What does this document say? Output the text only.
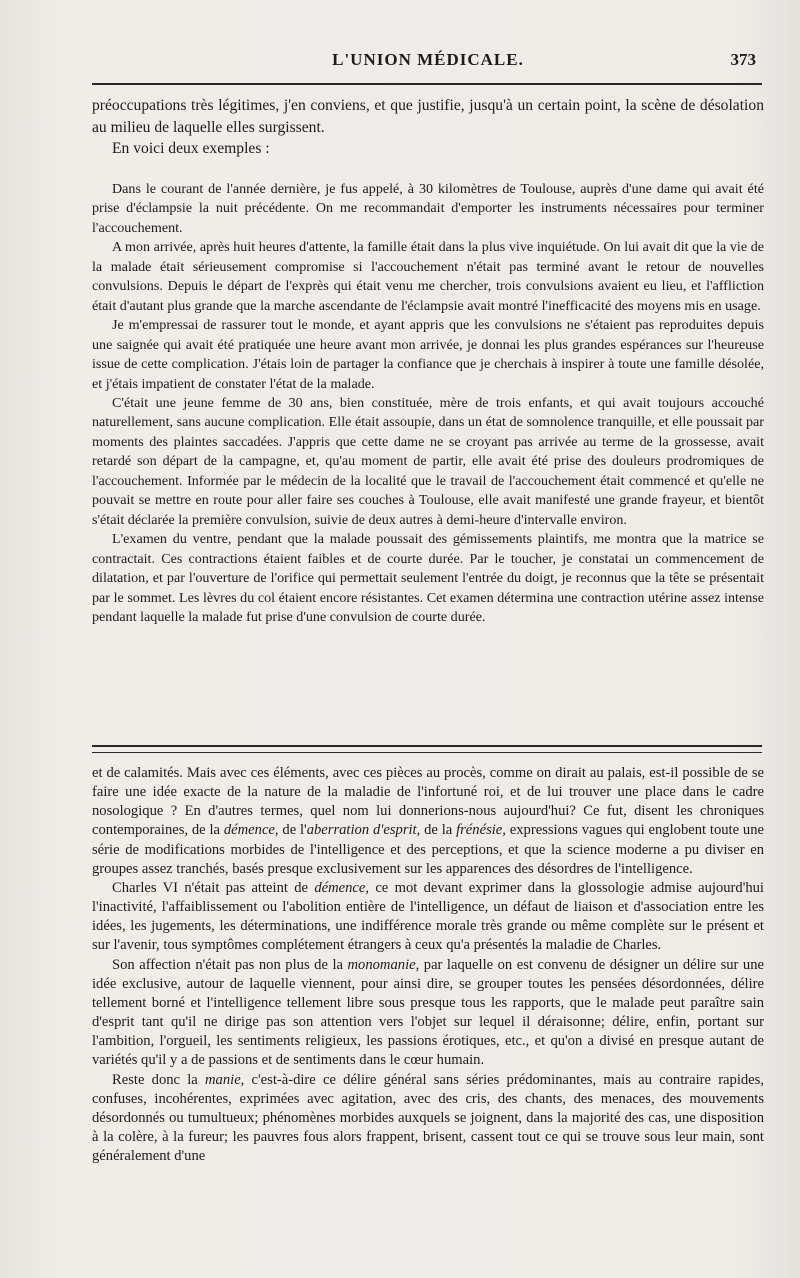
L'UNION MÉDICALE.	373

préoccupations très légitimes, j'en conviens, et que justifie, jusqu'à un certain point, la scène de désolation au milieu de laquelle elles surgissent.

En voici deux exemples :

Dans le courant de l'année dernière, je fus appelé, à 30 kilomètres de Toulouse, auprès d'une dame qui avait été prise d'éclampsie la nuit précédente. On me recommandait d'emporter les instruments nécessaires pour terminer l'accouchement.

A mon arrivée, après huit heures d'attente, la famille était dans la plus vive inquiétude. On lui avait dit que la vie de la malade était sérieusement compromise si l'accouchement n'était pas terminé avant le retour de nouvelles convulsions. Depuis le départ de l'exprès qui était venu me chercher, trois convulsions avaient eu lieu, et l'affliction était d'autant plus grande que la marche ascendante de l'éclampsie avait montré l'inefficacité des moyens mis en usage.

Je m'empressai de rassurer tout le monde, et ayant appris que les convulsions ne s'étaient pas reproduites depuis une saignée qui avait été pratiquée une heure avant mon arrivée, je donnai les plus grandes espérances sur l'heureuse issue de cette complication. J'étais loin de partager la confiance que je cherchais à inspirer à toute une famille désolée, et j'étais impatient de constater l'état de la malade.

C'était une jeune femme de 30 ans, bien constituée, mère de trois enfants, et qui avait toujours accouché naturellement, sans aucune complication. Elle était assoupie, dans un état de somnolence tranquille, et elle poussait par moments des plaintes saccadées. J'appris que cette dame ne se croyant pas arrivée au terme de la grossesse, avait retardé son départ de la campagne, et, qu'au moment de partir, elle avait été prise des douleurs prodromiques de l'accouchement. Informée par le médecin de la localité que le travail de l'accouchement était commencé et qu'elle ne pouvait se mettre en route pour aller faire ses couches à Toulouse, elle avait manifesté une grande frayeur, et bientôt s'était déclarée la première convulsion, suivie de deux autres à demi-heure d'intervalle environ.

L'examen du ventre, pendant que la malade poussait des gémissements plaintifs, me montra que la matrice se contractait. Ces contractions étaient faibles et de courte durée. Par le toucher, je constatai un commencement de dilatation, et par l'ouverture de l'orifice qui permettait seulement l'entrée du doigt, je reconnus que la tête se présentait par le sommet. Les lèvres du col étaient encore résistantes. Cet examen détermina une contraction utérine assez intense pendant laquelle la malade fut prise d'une convulsion de courte durée.

et de calamités. Mais avec ces éléments, avec ces pièces au procès, comme on dirait au palais, est-il possible de se faire une idée exacte de la nature de la maladie de l'infortuné roi, et de lui trouver une place dans le cadre nosologique ? En d'autres termes, quel nom lui donnerions-nous aujourd'hui? Ce fut, disent les chroniques contemporaines, de la démence, de l'aberration d'esprit, de la frénésie, expressions vagues qui englobent toute une série de modifications morbides de l'intelligence et des perceptions, et que la science moderne a pu diviser en groupes assez tranchés, basés presque exclusivement sur les apparences des désordres de l'intelligence.

Charles VI n'était pas atteint de démence, ce mot devant exprimer dans la glossologie admise aujourd'hui l'inactivité, l'affaiblissement ou l'abolition entière de l'intelligence, un défaut de liaison et d'association entre les idées, les jugements, les déterminations, une indifférence morale très grande ou même complète sur le présent et sur l'avenir, tous symptômes complétement étrangers à ceux qu'a présentés la maladie de Charles.

Son affection n'était pas non plus de la monomanie, par laquelle on est convenu de désigner un délire sur une idée exclusive, autour de laquelle viennent, pour ainsi dire, se grouper toutes les pensées désordonnées, délire tellement borné et l'intelligence tellement libre sous presque tous les rapports, que le malade peut paraître sain d'esprit tant qu'il ne dirige pas son attention vers l'objet sur lequel il déraisonne; délire, enfin, portant sur l'ambition, l'orgueil, les sentiments religieux, les passions érotiques, etc., et qu'on a divisé en presque autant de variétés qu'il y a de passions et de sentiments dans le cœur humain.

Reste donc la manie, c'est-à-dire ce délire général sans séries prédominantes, mais au contraire rapides, confuses, incohérentes, exprimées avec agitation, avec des cris, des chants, des menaces, des mouvements désordonnés ou tumultueux; phénomènes morbides auxquels se joignent, dans la majorité des cas, une disposition à la colère, à la fureur; les pauvres fous alors frappent, brisent, cassent tout ce qui se trouve sous leur main, sont généralement d'une
